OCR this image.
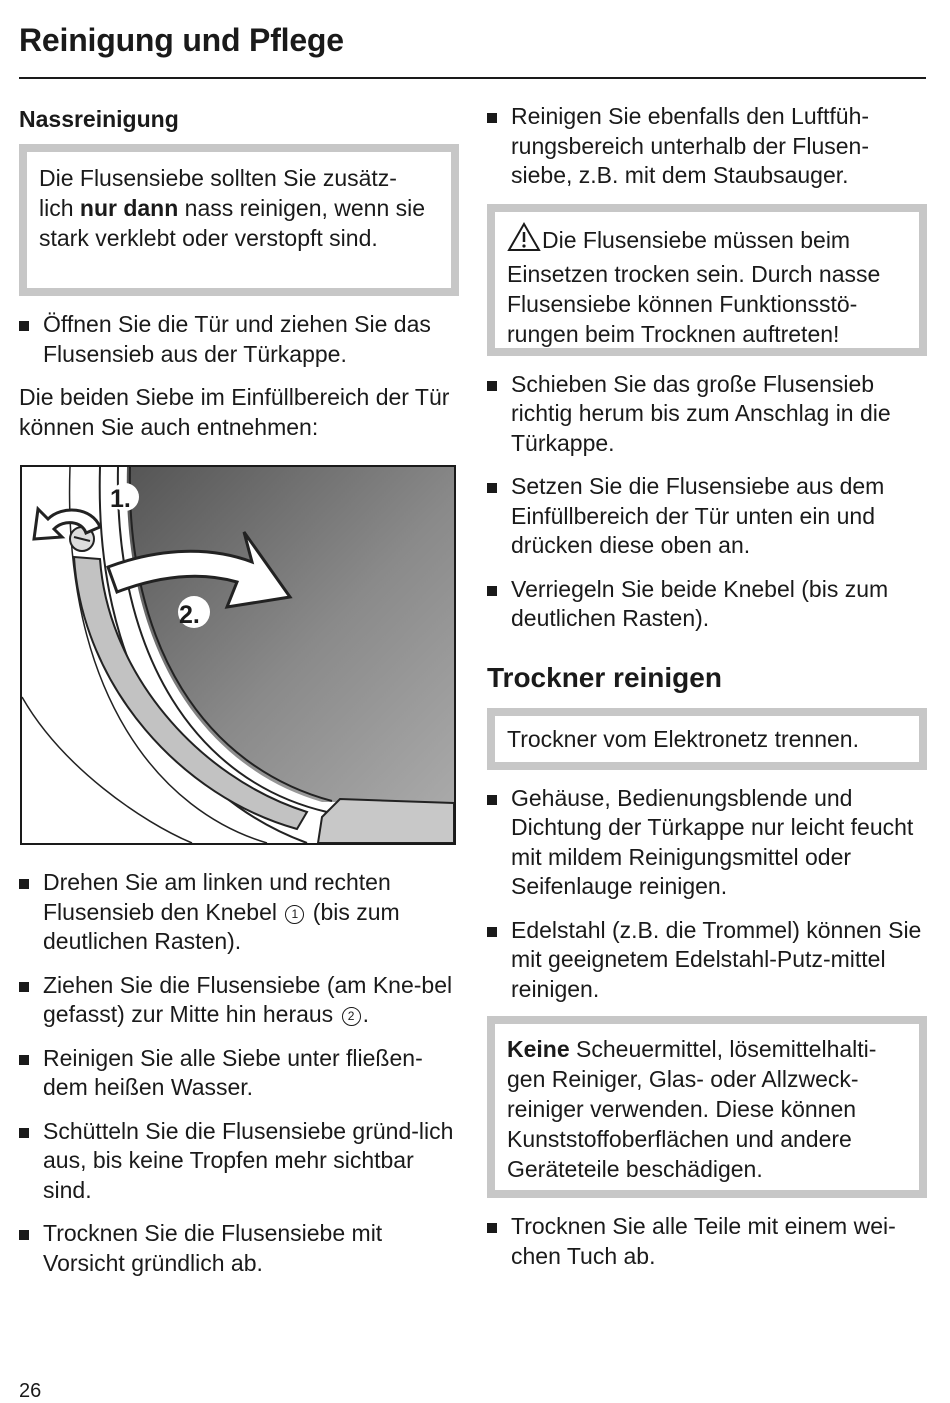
Reinigung und Pflege
Nassreinigung
Die Flusensiebe sollten Sie zusätz-
lich nur dann nass reinigen, wenn sie stark verklebt oder verstopft sind.
Öffnen Sie die Tür und ziehen Sie das Flusensieb aus der Türkappe.
Die beiden Siebe im Einfüllbereich der Tür können Sie auch entnehmen:
1.
2.
Drehen Sie am linken und rechten Flusensieb den Knebel 1 (bis zum deutlichen Rasten).
Ziehen Sie die Flusensiebe (am Kne-bel gefasst) zur Mitte hin heraus 2 .
Reinigen Sie alle Siebe unter fließen-dem heißen Wasser.
Schütteln Sie die Flusensiebe gründ-lich aus, bis keine Tropfen mehr sichtbar sind.
Trocknen Sie die Flusensiebe mit Vorsicht gründlich ab.
Reinigen Sie ebenfalls den Luftfüh-rungsbereich unterhalb der Flusen-siebe, z.B. mit dem Staubsauger.
Die Flusensiebe müssen beim Einsetzen trocken sein. Durch nasse Flusensiebe können Funktionsstö-rungen beim Trocknen auftreten!
Schieben Sie das große Flusensieb richtig herum bis zum Anschlag in die Türkappe.
Setzen Sie die Flusensiebe aus dem Einfüllbereich der Tür unten ein und drücken diese oben an.
Verriegeln Sie beide Knebel (bis zum deutlichen Rasten).
Trockner reinigen
Trockner vom Elektronetz trennen.
Gehäuse, Bedienungsblende und Dichtung der Türkappe nur leicht feucht mit mildem Reinigungsmittel oder Seifenlauge reinigen.
Edelstahl (z.B. die Trommel) können Sie mit geeignetem Edelstahl-Putz-mittel reinigen.
Keine Scheuermittel, lösemittelhalti-gen Reiniger, Glas- oder Allzweck-reiniger verwenden. Diese können Kunststoffoberflächen und andere Geräteteile beschädigen.
Trocknen Sie alle Teile mit einem wei-chen Tuch ab.
26
